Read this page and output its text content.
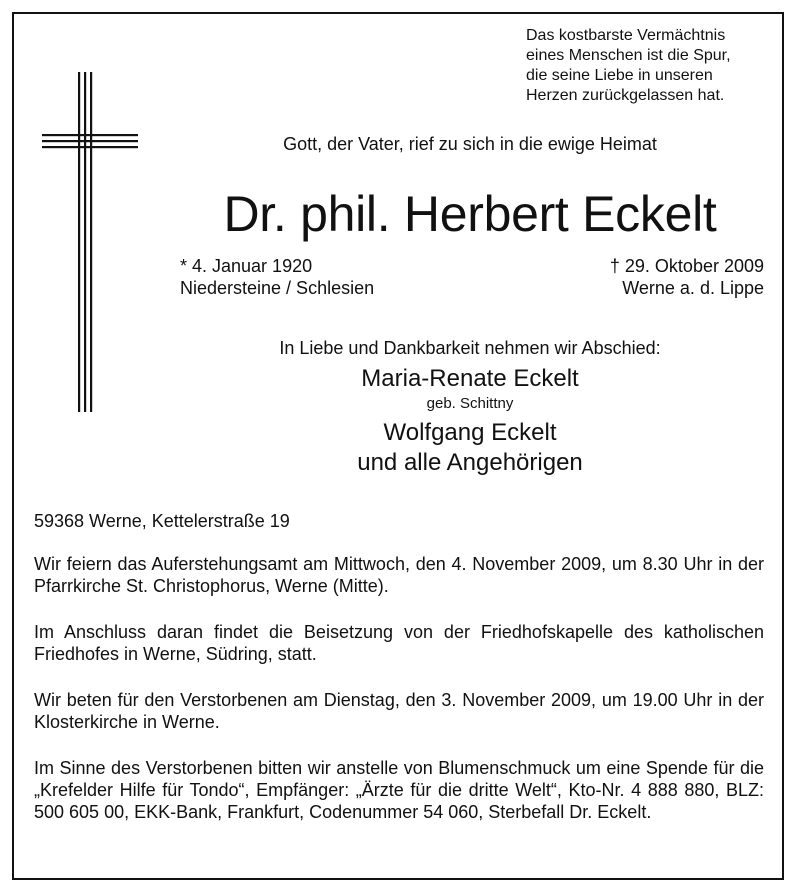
Das kostbarste Vermächtnis
eines Menschen ist die Spur,
die seine Liebe in unseren
Herzen zurückgelassen hat.
Gott, der Vater, rief zu sich in die ewige Heimat
Dr. phil. Herbert Eckelt
* 4. Januar 1920
Niedersteine / Schlesien
† 29. Oktober 2009
Werne a. d. Lippe
In Liebe und Dankbarkeit nehmen wir Abschied:
Maria-Renate Eckelt
geb. Schittny
Wolfgang Eckelt
und alle Angehörigen

59368 Werne, Kettelerstraße 19

Wir feiern das Auferstehungsamt am Mittwoch, den 4. November 2009, um 8.30 Uhr in der Pfarrkirche St. Christophorus, Werne (Mitte).

Im Anschluss daran findet die Beisetzung von der Friedhofskapelle des katholischen Friedhofes in Werne, Südring, statt.

Wir beten für den Verstorbenen am Dienstag, den 3. November 2009, um 19.00 Uhr in der Klosterkirche in Werne.

Im Sinne des Verstorbenen bitten wir anstelle von Blumenschmuck um eine Spende für die „Krefelder Hilfe für Tondo“, Empfänger: „Ärzte für die dritte Welt“, Kto-Nr. 4 888 880, BLZ: 500 605 00, EKK-Bank, Frankfurt, Codenummer 54 060, Sterbefall Dr. Eckelt.
